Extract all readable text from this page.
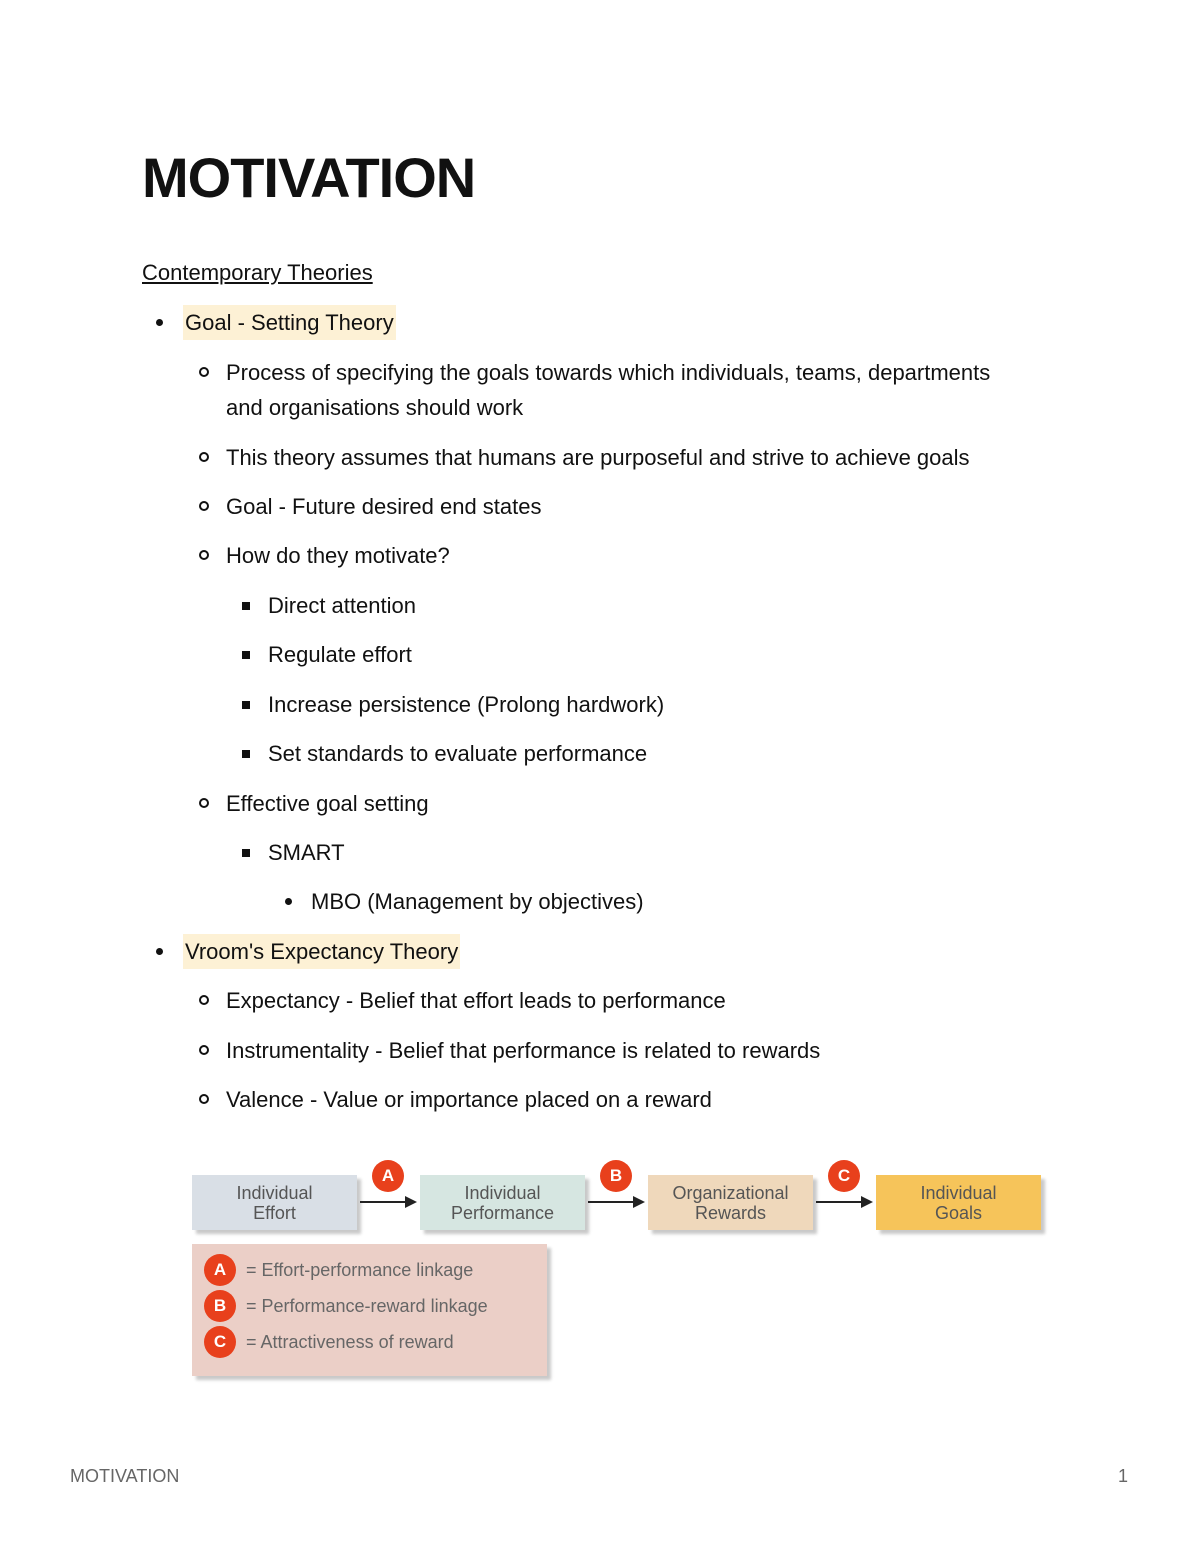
MOTIVATION
Contemporary Theories
Goal - Setting Theory
Process of specifying the goals towards which individuals, teams, departments
and organisations should work
This theory assumes that humans are purposeful and strive to achieve goals
Goal - Future desired end states
How do they motivate?
Direct attention
Regulate effort
Increase persistence (Prolong hardwork)
Set standards to evaluate performance
Effective goal setting
SMART
MBO (Management by objectives)
Vroom's Expectancy Theory
Expectancy - Belief that effort leads to performance
Instrumentality - Belief that performance is related to rewards
Valence - Value or importance placed on a reward
Individual
Effort
Individual
Performance
Organizational
Rewards
Individual
Goals
A	B	C
A	= Effort-performance linkage
B	= Performance-reward linkage
C	= Attractiveness of reward
MOTIVATION	1
